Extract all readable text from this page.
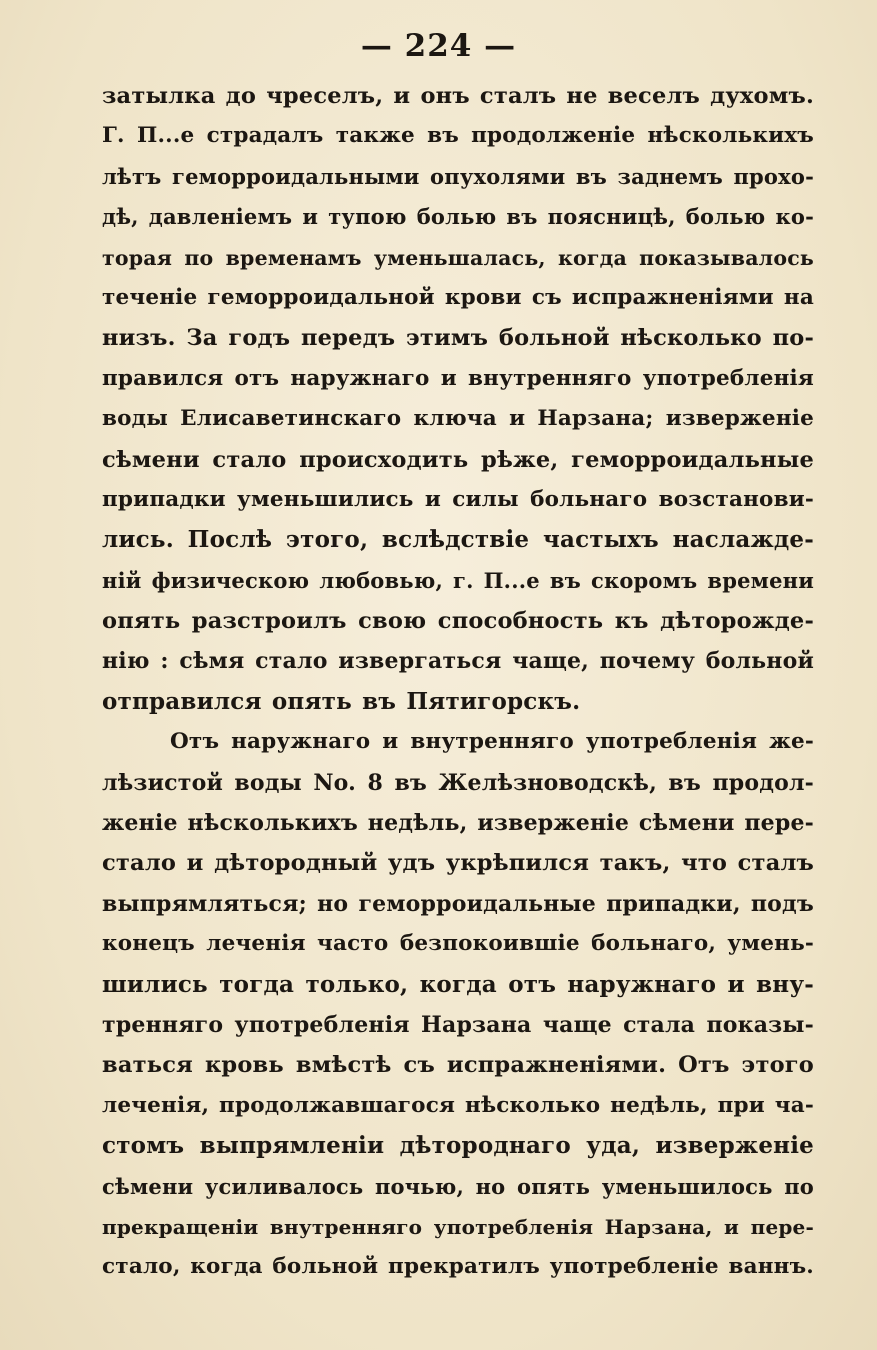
— 224 —
затылка до чреселъ, и онъ сталъ не веселъ духомъ.
Г. П...е страдалъ также въ продолженіе нѣсколькихъ
лѣтъ геморроидальными опухолями въ заднемъ прохо-
дѣ, давленіемъ и тупою болью въ поясницѣ, болью ко-
торая по временамъ уменьшалась, когда показывалось
теченіе геморроидальной крови съ испражненіями на
низъ. За годъ передъ этимъ больной нѣсколько по-
правился отъ наружнаго и внутренняго употребленія
воды Елисаветинскаго ключа и Нарзана; изверженіе
сѣмени стало происходить рѣже, геморроидальные
припадки уменьшились и силы больнаго возстанови-
лись. Послѣ этого, вслѣдствіе частыхъ наслажде-
ній физическою любовью, г. П...е въ скоромъ времени
опять разстроилъ свою способность къ дѣторожде-
нію : сѣмя стало извергаться чаще, почему больной
отправился опять въ Пятигорскъ.
Отъ наружнаго и внутренняго употребленія же-
лѣзистой воды No. 8 въ Желѣзноводскѣ, въ продол-
женіе нѣсколькихъ недѣль, изверженіе сѣмени пере-
стало и дѣтородный удъ укрѣпился такъ, что сталъ
выпрямляться; но геморроидальные припадки, подъ
конецъ леченія часто безпокоившіе больнаго, умень-
шились тогда только, когда отъ наружнаго и вну-
тренняго употребленія Нарзана чаще стала показы-
ваться кровь вмѣстѣ съ испражненіями. Отъ этого
леченія, продолжавшагося нѣсколько недѣль, при ча-
стомъ выпрямленіи дѣтороднаго уда, изверженіе
сѣмени усиливалось почью, но опять уменьшилось по
прекращеніи внутренняго употребленія Нарзана, и пере-
стало, когда больной прекратилъ употребленіе ваннъ.
